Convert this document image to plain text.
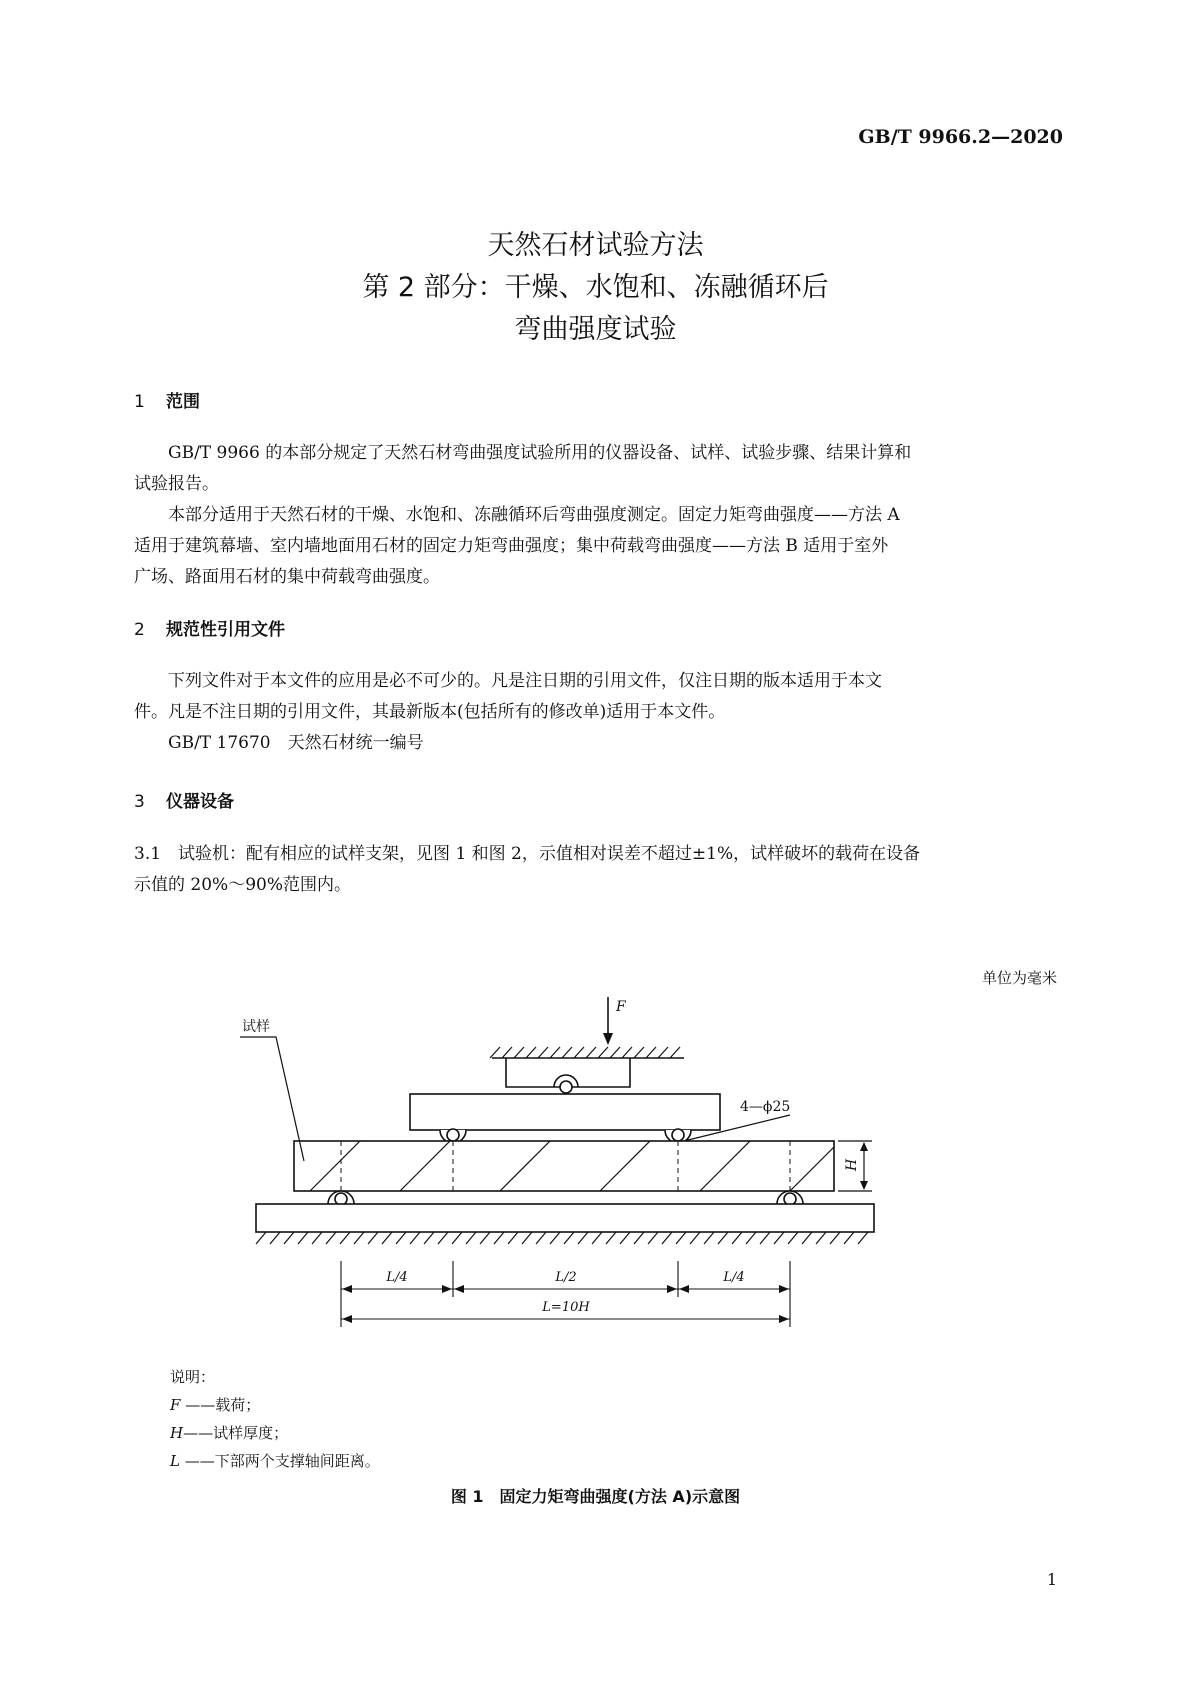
GB/T 9966.2—2020
天然石材试验方法
第 2 部分：干燥、水饱和、冻融循环后
弯曲强度试验
1 范围
GB/T 9966 的本部分规定了天然石材弯曲强度试验所用的仪器设备、试样、试验步骤、结果计算和
试验报告。
本部分适用于天然石材的干燥、水饱和、冻融循环后弯曲强度测定。固定力矩弯曲强度——方法 A
适用于建筑幕墙、室内墙地面用石材的固定力矩弯曲强度；集中荷载弯曲强度——方法 B 适用于室外
广场、路面用石材的集中荷载弯曲强度。
2 规范性引用文件
下列文件对于本文件的应用是必不可少的。凡是注日期的引用文件，仅注日期的版本适用于本文
件。凡是不注日期的引用文件，其最新版本(包括所有的修改单)适用于本文件。
GB/T 17670　天然石材统一编号
3 仪器设备
3.1　试验机：配有相应的试样支架，见图 1 和图 2，示值相对误差不超过±1%，试样破坏的载荷在设备
示值的 20%～90%范围内。
单位为毫米
F
4—ϕ25
试样
H
L/4	L/2	L/4
L=10H
说明：
F ——载荷；
H——试样厚度；
L ——下部两个支撑轴间距离。
图 1　固定力矩弯曲强度(方法 A)示意图
1
